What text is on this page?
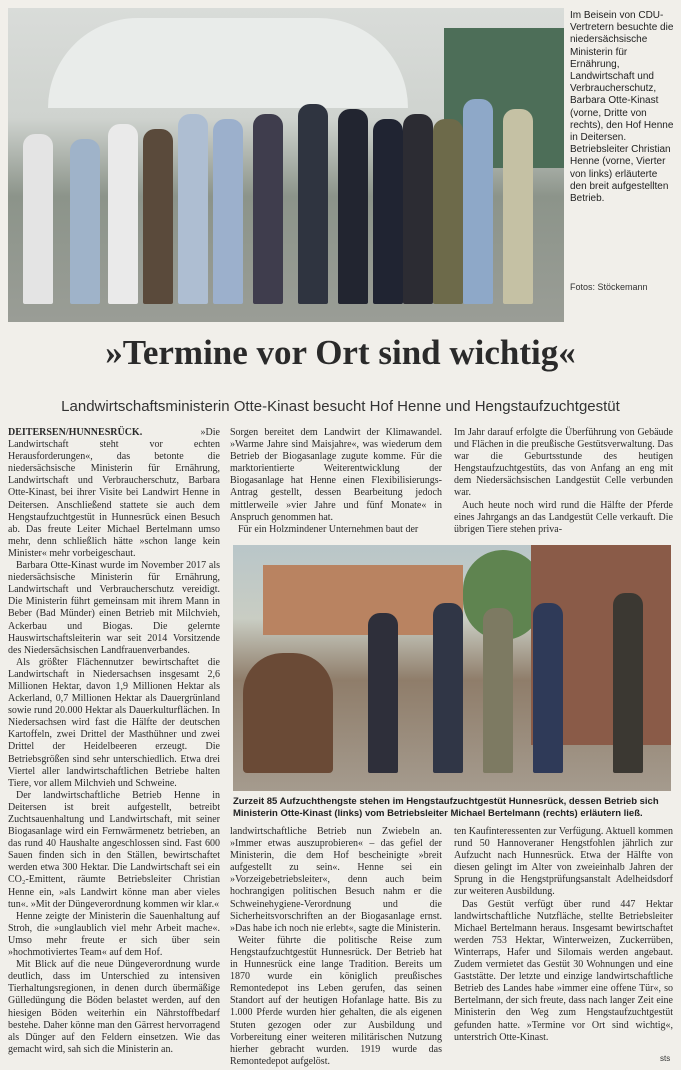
Im Beisein von CDU-Vertretern besuchte die niedersächsische Ministerin für Ernährung, Landwirtschaft und Verbraucherschutz, Barbara Otte-Kinast (vorne, Dritte von rechts), den Hof Henne in Deitersen. Betriebsleiter Christian Henne (vorne, Vierter von links) erläuterte den breit aufgestellten Betrieb.
Fotos: Stöckemann
»Termine vor Ort sind wichtig«
Landwirtschaftsministerin Otte-Kinast besucht Hof Henne und Hengstaufzuchtgestüt

DEITERSEN/HUNNESRÜCK.	»Die Landwirtschaft steht vor echten Herausforderungen«, das betonte die niedersächsische Ministerin für Ernährung, Landwirtschaft und Verbraucherschutz, Barbara Otte-Kinast, bei ihrer Visite bei Landwirt Henne in Deitersen. Anschließend stattete sie auch dem Hengstaufzuchtgestüt in Hunnesrück einen Besuch ab. Das freute Leiter Michael Bertelmann umso mehr, denn schließlich hätte »schon lange kein Minister« mehr vorbeigeschaut.

Barbara Otte-Kinast wurde im November 2017 als niedersächsische Ministerin für Ernährung, Landwirtschaft und Verbraucherschutz vereidigt. Die Ministerin führt gemeinsam mit ihrem Mann in Beber (Bad Münder) einen Betrieb mit Milchvieh, Ackerbau und Biogas. Die gelernte Hauswirtschaftsleiterin war seit 2014 Vorsitzende des Niedersächsischen Landfrauenverbandes.

Als größter Flächennutzer bewirtschaftet die Landwirtschaft in Niedersachsen insgesamt 2,6 Millionen Hektar, davon 1,9 Millionen Hektar als Ackerland, 0,7 Millionen Hektar als Dauergrünland sowie rund 20.000 Hektar als Dauerkulturflächen. In Niedersachsen wird fast die Hälfte der deutschen Kartoffeln, zwei Drittel der Masthühner und zwei Drittel der Heidelbeeren erzeugt. Die Betriebsgrößen sind sehr unterschiedlich. Etwa drei Viertel aller landwirtschaftlichen Betriebe halten Tiere, vor allem Milchvieh und Schweine.

Der landwirtschaftliche Betrieb Henne in Deitersen ist breit aufgestellt, betreibt Zuchtsauenhaltung und Landwirtschaft, mit seiner Biogasanlage wird ein Fernwärmenetz betrieben, an das rund 40 Haushalte angeschlossen sind. Fast 600 Sauen finden sich in den Ställen, bewirtschaftet werden etwa 300 Hektar. Die Landwirtschaft sei ein CO₂-Emittent, räumte Betriebsleiter Christian Henne ein, »als Landwirt könne man aber vieles tun«. »Mit der Düngeverordnung kommen wir klar.«

Henne zeigte der Ministerin die Sauenhaltung auf Stroh, die »unglaublich viel mehr Arbeit mache«. Umso mehr freute er sich über sein »hochmotiviertes Team« auf dem Hof.

Mit Blick auf die neue Düngeverordnung wurde deutlich, dass im Unterschied zu intensiven Tierhaltungsregionen, in denen durch übermäßige Gülledüngung die Böden belastet werden, auf den hiesigen Böden weiterhin ein Nährstoffbedarf bestehe. Daher könne man den Gärrest hervorragend als Dünger auf den Feldern einsetzen. Wie das gemacht wird, sah sich die Ministerin an.

Sorgen bereitet dem Landwirt der Klimawandel. »Warme Jahre sind Maisjahre«, was wiederum dem Betrieb der Biogasanlage zugute komme. Für die marktorientierte Weiterentwicklung der Biogasanlage hat Henne einen Flexibilisierungs-Antrag gestellt, dessen Bearbeitung jedoch mittlerweile »vier Jahre und fünf Monate« in Anspruch genommen hat.

Für ein Holzmindener Unternehmen baut der

Im Jahr darauf erfolgte die Überführung von Gebäude und Flächen in die preußische Gestütsverwaltung. Das war die Geburtsstunde des heutigen Hengstaufzuchtgestüts, das von Anfang an eng mit dem Niedersächsischen Landgestüt Celle verbunden war.

Auch heute noch wird rund die Hälfte der Pferde eines Jahrgangs an das Landgestüt Celle verkauft. Die übrigen Tiere stehen priva-

Zurzeit 85 Aufzuchthengste stehen im Hengstaufzuchtgestüt Hunnesrück, dessen Betrieb sich Ministerin Otte-Kinast (links) vom Betriebsleiter Michael Bertelmann (rechts) erläutern ließ.

landwirtschaftliche Betrieb nun Zwiebeln an. »Immer etwas auszuprobieren« – das gefiel der Ministerin, die dem Hof bescheinigte »breit aufgestellt zu sein«. Henne sei ein »Vorzeigebetriebsleiter«, denn auch beim hochrangigen politischen Besuch nahm er die Schweinehygiene-Verordnung und die Sicherheitsvorschriften an der Biogasanlage ernst. »Das habe ich noch nie erlebt«, sagte die Ministerin.

Weiter führte die politische Reise zum Hengstaufzuchtgestüt Hunnesrück. Der Betrieb hat in Hunnesrück eine lange Tradition. Bereits um 1870 wurde ein königlich preußisches Remontedepot ins Leben gerufen, das seinen Standort auf der heutigen Hofanlage hatte. Bis zu 1.000 Pferde wurden hier gehalten, die als eigenen Stuten gezogen oder zur Ausbildung und Vorbereitung einer weiteren militärischen Nutzung hierher gebracht wurden. 1919 wurde das Remontedepot aufgelöst.

ten Kaufinteressenten zur Verfügung. Aktuell kommen rund 50 Hannoveraner Hengstfohlen jährlich zur Aufzucht nach Hunnesrück. Etwa der Hälfte von diesen gelingt im Alter von zweieinhalb Jahren der Sprung in die Hengstprüfungsanstalt Adelheidsdorf zur weiteren Ausbildung.

Das Gestüt verfügt über rund 447 Hektar landwirtschaftliche Nutzfläche, stellte Betriebsleiter Michael Bertelmann heraus. Insgesamt bewirtschaftet werden 753 Hektar, Winterweizen, Zuckerrüben, Winterraps, Hafer und Silomais werden angebaut. Zudem vermietet das Gestüt 30 Wohnungen und eine Gaststätte. Der letzte und einzige landwirtschaftliche Betrieb des Landes habe »immer eine offene Tür«, so Bertelmann, der sich freute, dass nach langer Zeit eine Ministerin den Weg zum Hengstaufzuchtgestüt gefunden hatte. »Termine vor Ort sind wichtig«, unterstrich Otte-Kinast.

sts
